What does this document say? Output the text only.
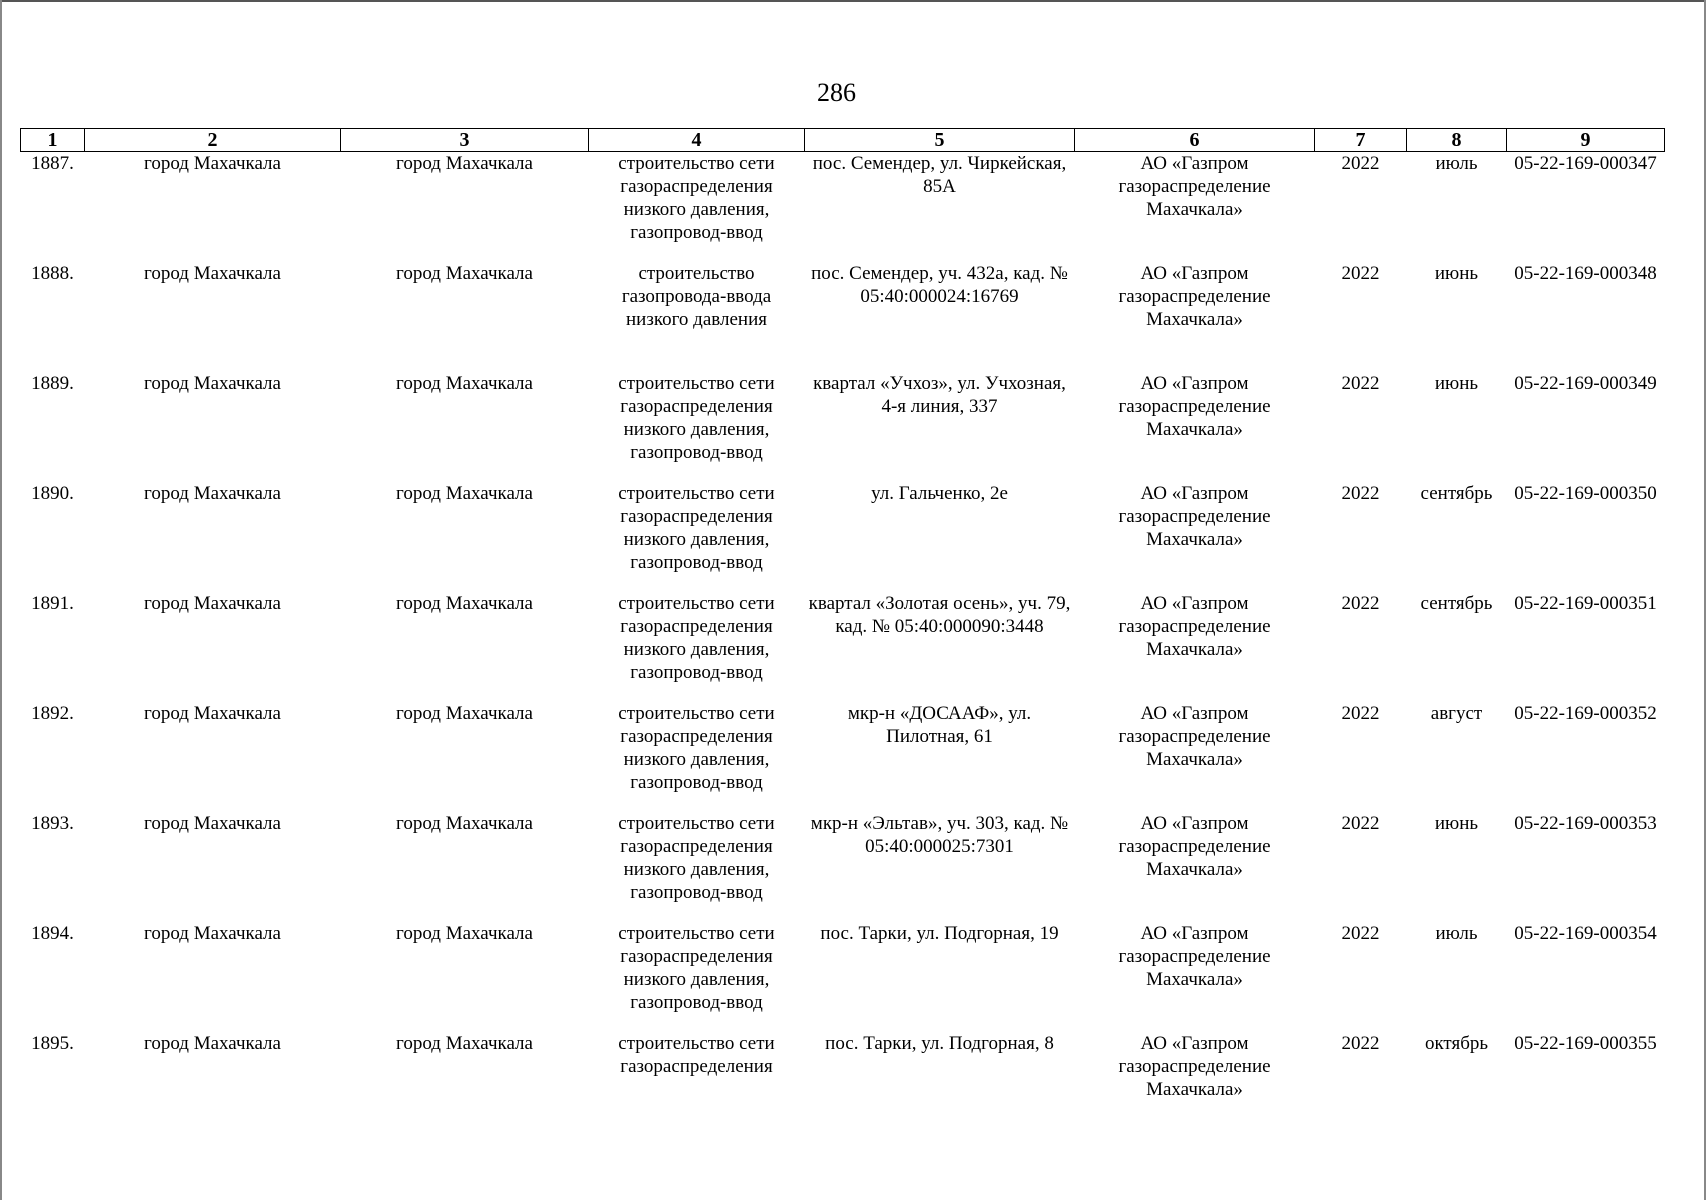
286
1	2	3	4	5	6	7	8	9
1887.	город Махачкала	город Махачкала	строительство сети газораспределения низкого давления, газопровод-ввод	пос. Семендер, ул. Чиркейская, 85А	АО «Газпром газораспределение Махачкала»	2022	июль	05-22-169-000347
1888.	город Махачкала	город Махачкала	строительство газопровода-ввода низкого давления	пос. Семендер, уч. 432а, кад. № 05:40:000024:16769	АО «Газпром газораспределение Махачкала»	2022	июнь	05-22-169-000348
1889.	город Махачкала	город Махачкала	строительство сети газораспределения низкого давления, газопровод-ввод	квартал «Учхоз», ул. Учхозная, 4-я линия, 337	АО «Газпром газораспределение Махачкала»	2022	июнь	05-22-169-000349
1890.	город Махачкала	город Махачкала	строительство сети газораспределения низкого давления, газопровод-ввод	ул. Гальченко, 2е	АО «Газпром газораспределение Махачкала»	2022	сентябрь	05-22-169-000350
1891.	город Махачкала	город Махачкала	строительство сети газораспределения низкого давления, газопровод-ввод	квартал «Золотая осень», уч. 79, кад. № 05:40:000090:3448	АО «Газпром газораспределение Махачкала»	2022	сентябрь	05-22-169-000351
1892.	город Махачкала	город Махачкала	строительство сети газораспределения низкого давления, газопровод-ввод	мкр-н «ДОСААФ», ул. Пилотная, 61	АО «Газпром газораспределение Махачкала»	2022	август	05-22-169-000352
1893.	город Махачкала	город Махачкала	строительство сети газораспределения низкого давления, газопровод-ввод	мкр-н «Эльтав», уч. 303, кад. № 05:40:000025:7301	АО «Газпром газораспределение Махачкала»	2022	июнь	05-22-169-000353
1894.	город Махачкала	город Махачкала	строительство сети газораспределения низкого давления, газопровод-ввод	пос. Тарки, ул. Подгорная, 19	АО «Газпром газораспределение Махачкала»	2022	июль	05-22-169-000354
1895.	город Махачкала	город Махачкала	строительство сети газораспределения	пос. Тарки, ул. Подгорная, 8	АО «Газпром газораспределение Махачкала»	2022	октябрь	05-22-169-000355
